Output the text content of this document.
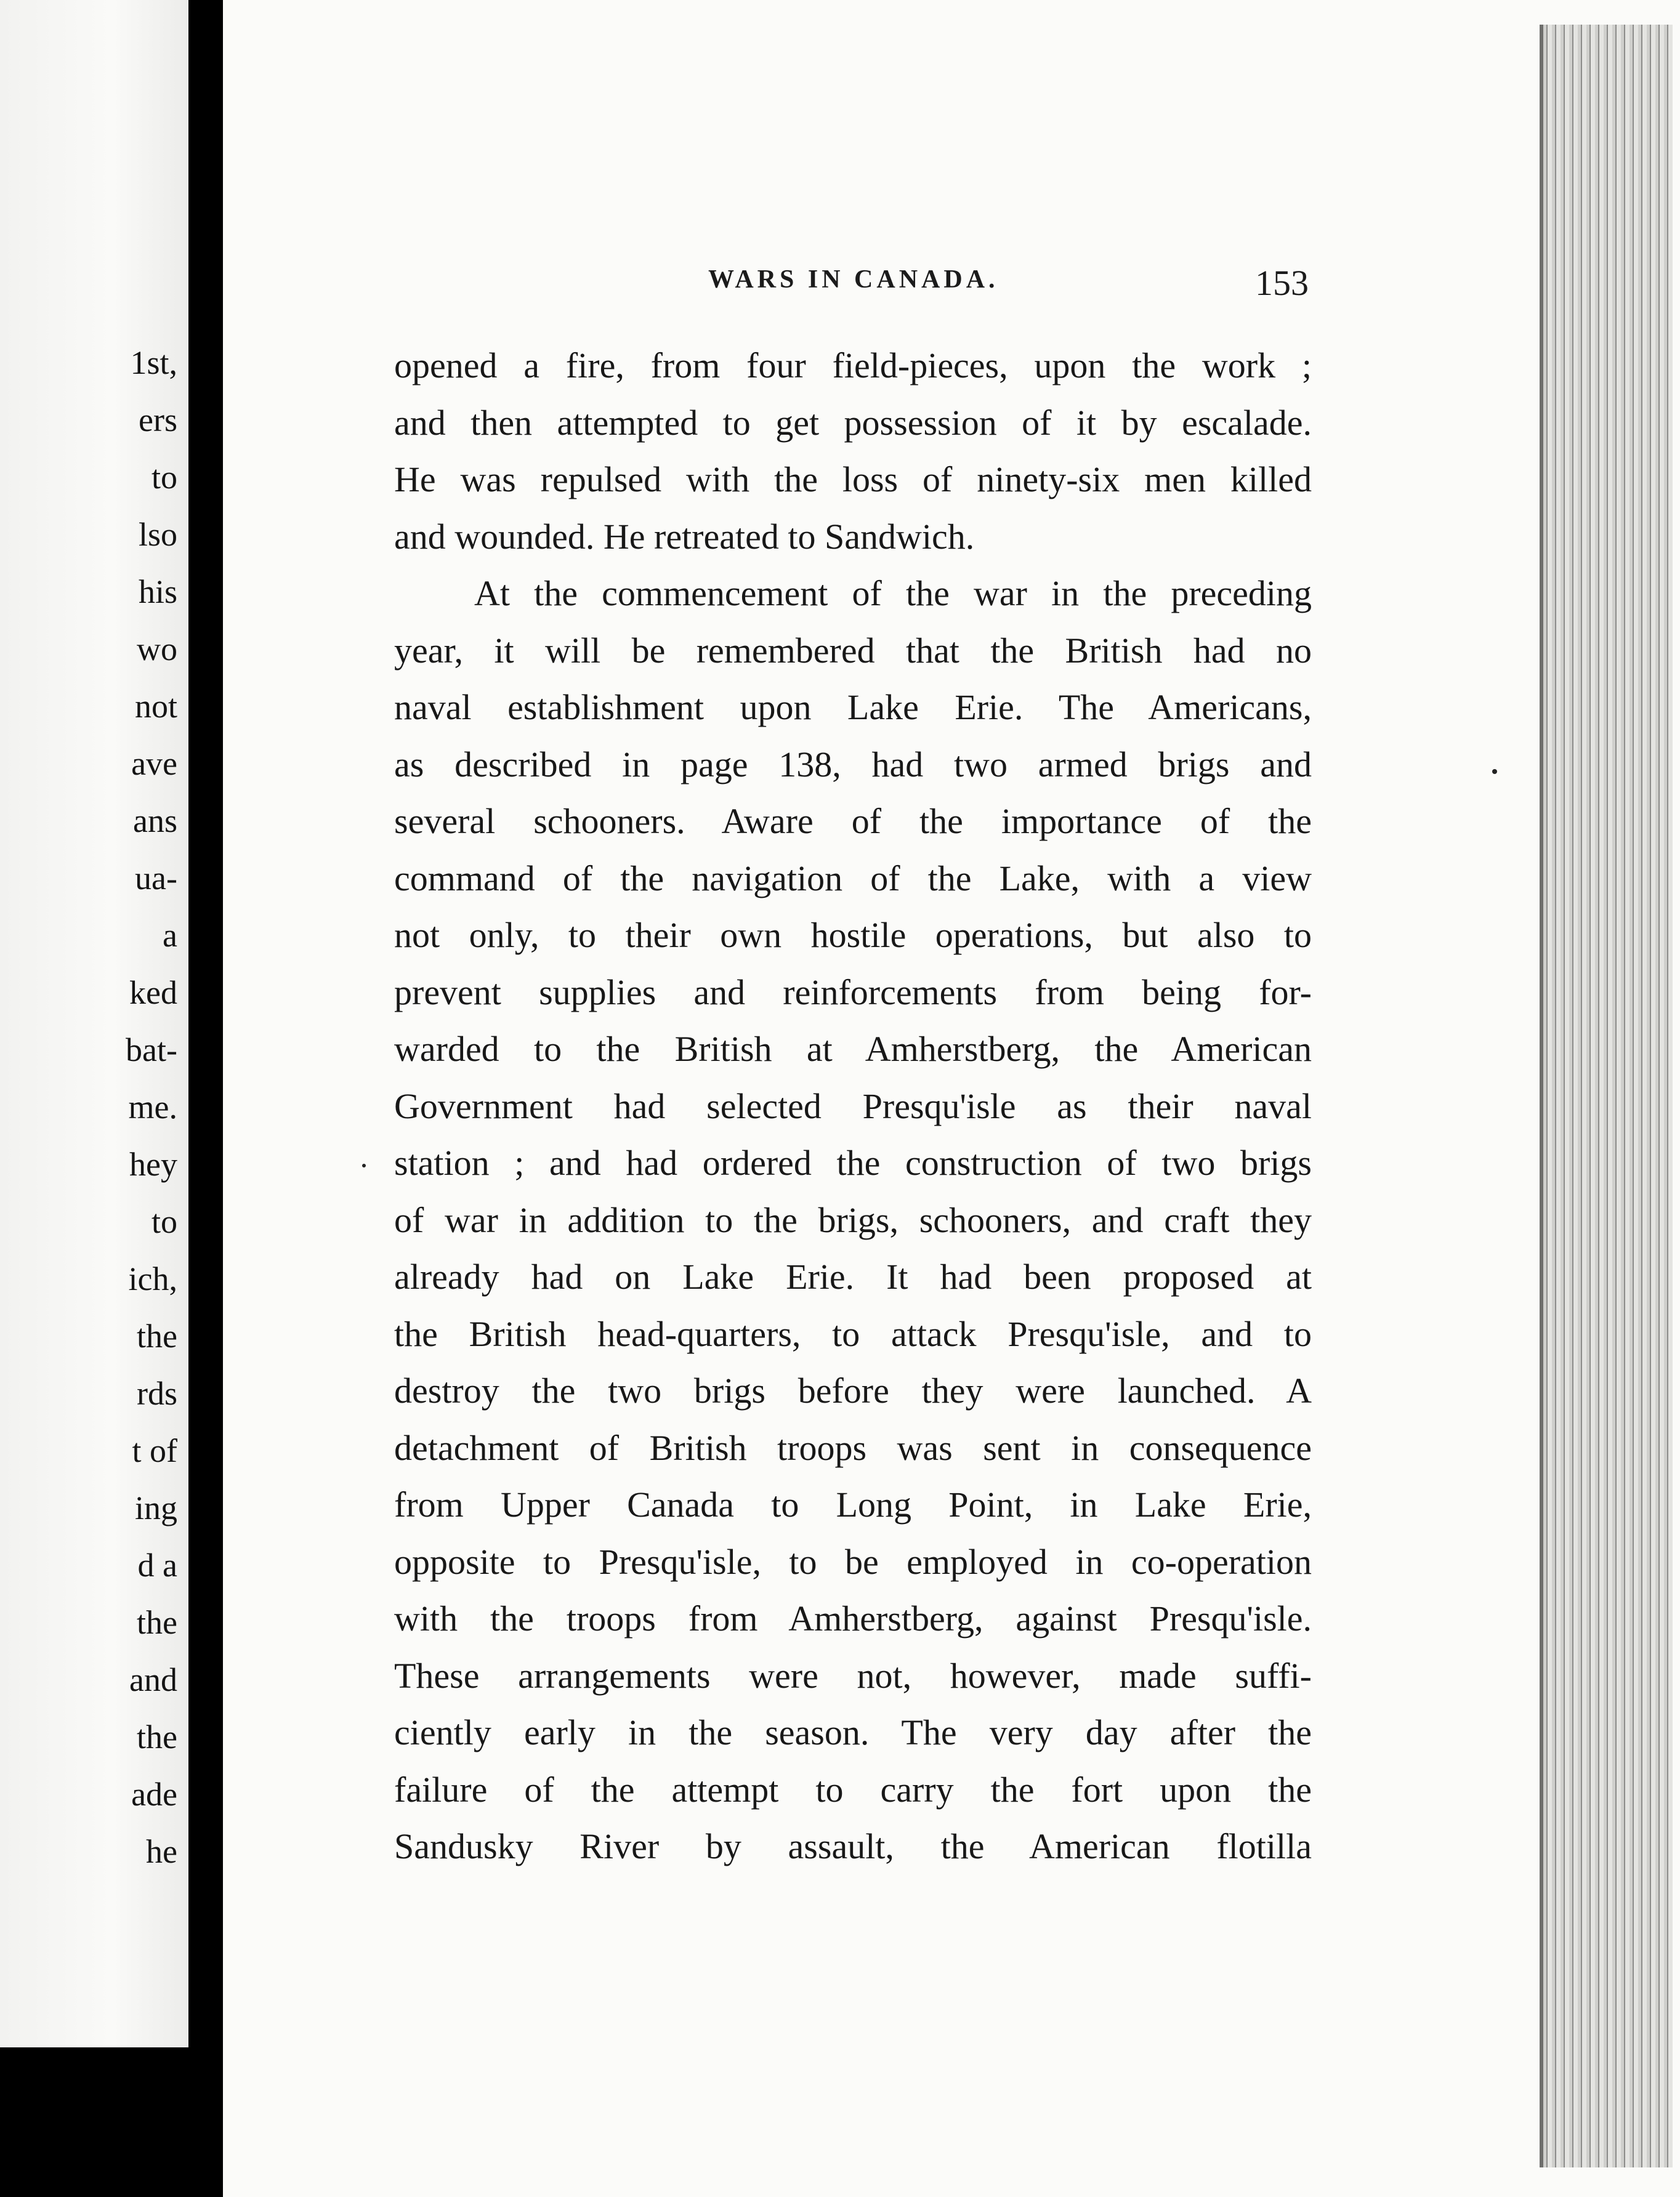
1st,

ers

to

lso

his

wo

not

ave

ans

ua-

a

ked

bat-

me.

hey

to

ich,

the

rds

t of

ing

d a

the

and

the

ade

he

WARS IN CANADA.	153

opened a fire, from four field-pieces, upon the work ;

and then attempted to get possession of it by escalade.

He was repulsed with the loss of ninety-six men killed

and wounded. He retreated to Sandwich.

At the commencement of the war in the preceding

year, it will be remembered that the British had no

naval establishment upon Lake Erie. The Americans,

as described in page 138, had two armed brigs and

several schooners. Aware of the importance of the

command of the navigation of the Lake, with a view

not only, to their own hostile operations, but also to

prevent supplies and reinforcements from being for-

warded to the British at Amherstberg, the American

Government had selected Presqu'isle as their naval

station ; and had ordered the construction of two brigs

of war in addition to the brigs, schooners, and craft they

already had on Lake Erie. It had been proposed at

the British head-quarters, to attack Presqu'isle, and to

destroy the two brigs before they were launched. A

detachment of British troops was sent in consequence

from Upper Canada to Long Point, in Lake Erie,

opposite to Presqu'isle, to be employed in co-operation

with the troops from Amherstberg, against Presqu'isle.

These arrangements were not, however, made suffi-

ciently early in the season. The very day after the

failure of the attempt to carry the fort upon the

Sandusky River by assault, the American flotilla
